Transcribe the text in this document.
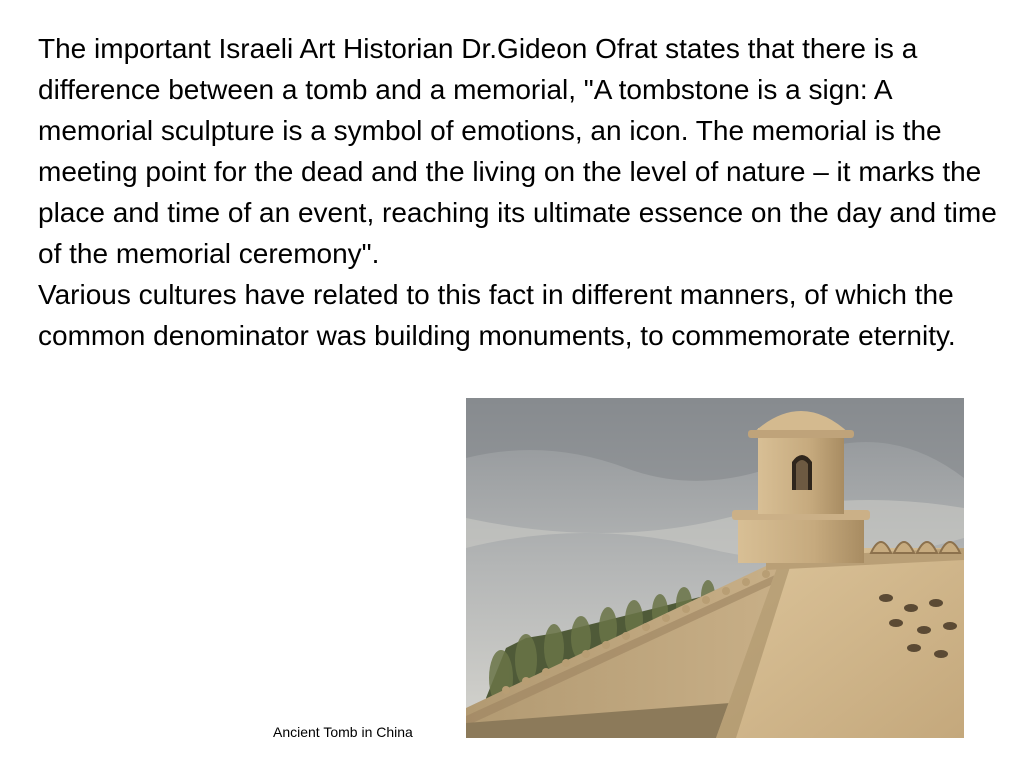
The important Israeli Art Historian Dr.Gideon Ofrat states that there is a difference between a tomb and a memorial, "A tombstone is a sign: A memorial sculpture is a symbol of emotions, an icon. The memorial is the meeting point for the dead and the living on the level of nature – it marks the place and time of an event, reaching its ultimate essence on the day and time of the memorial ceremony".

Various cultures have related to this fact in different manners, of which the common denominator was building monuments, to commemorate eternity.

Ancient Tomb in China
